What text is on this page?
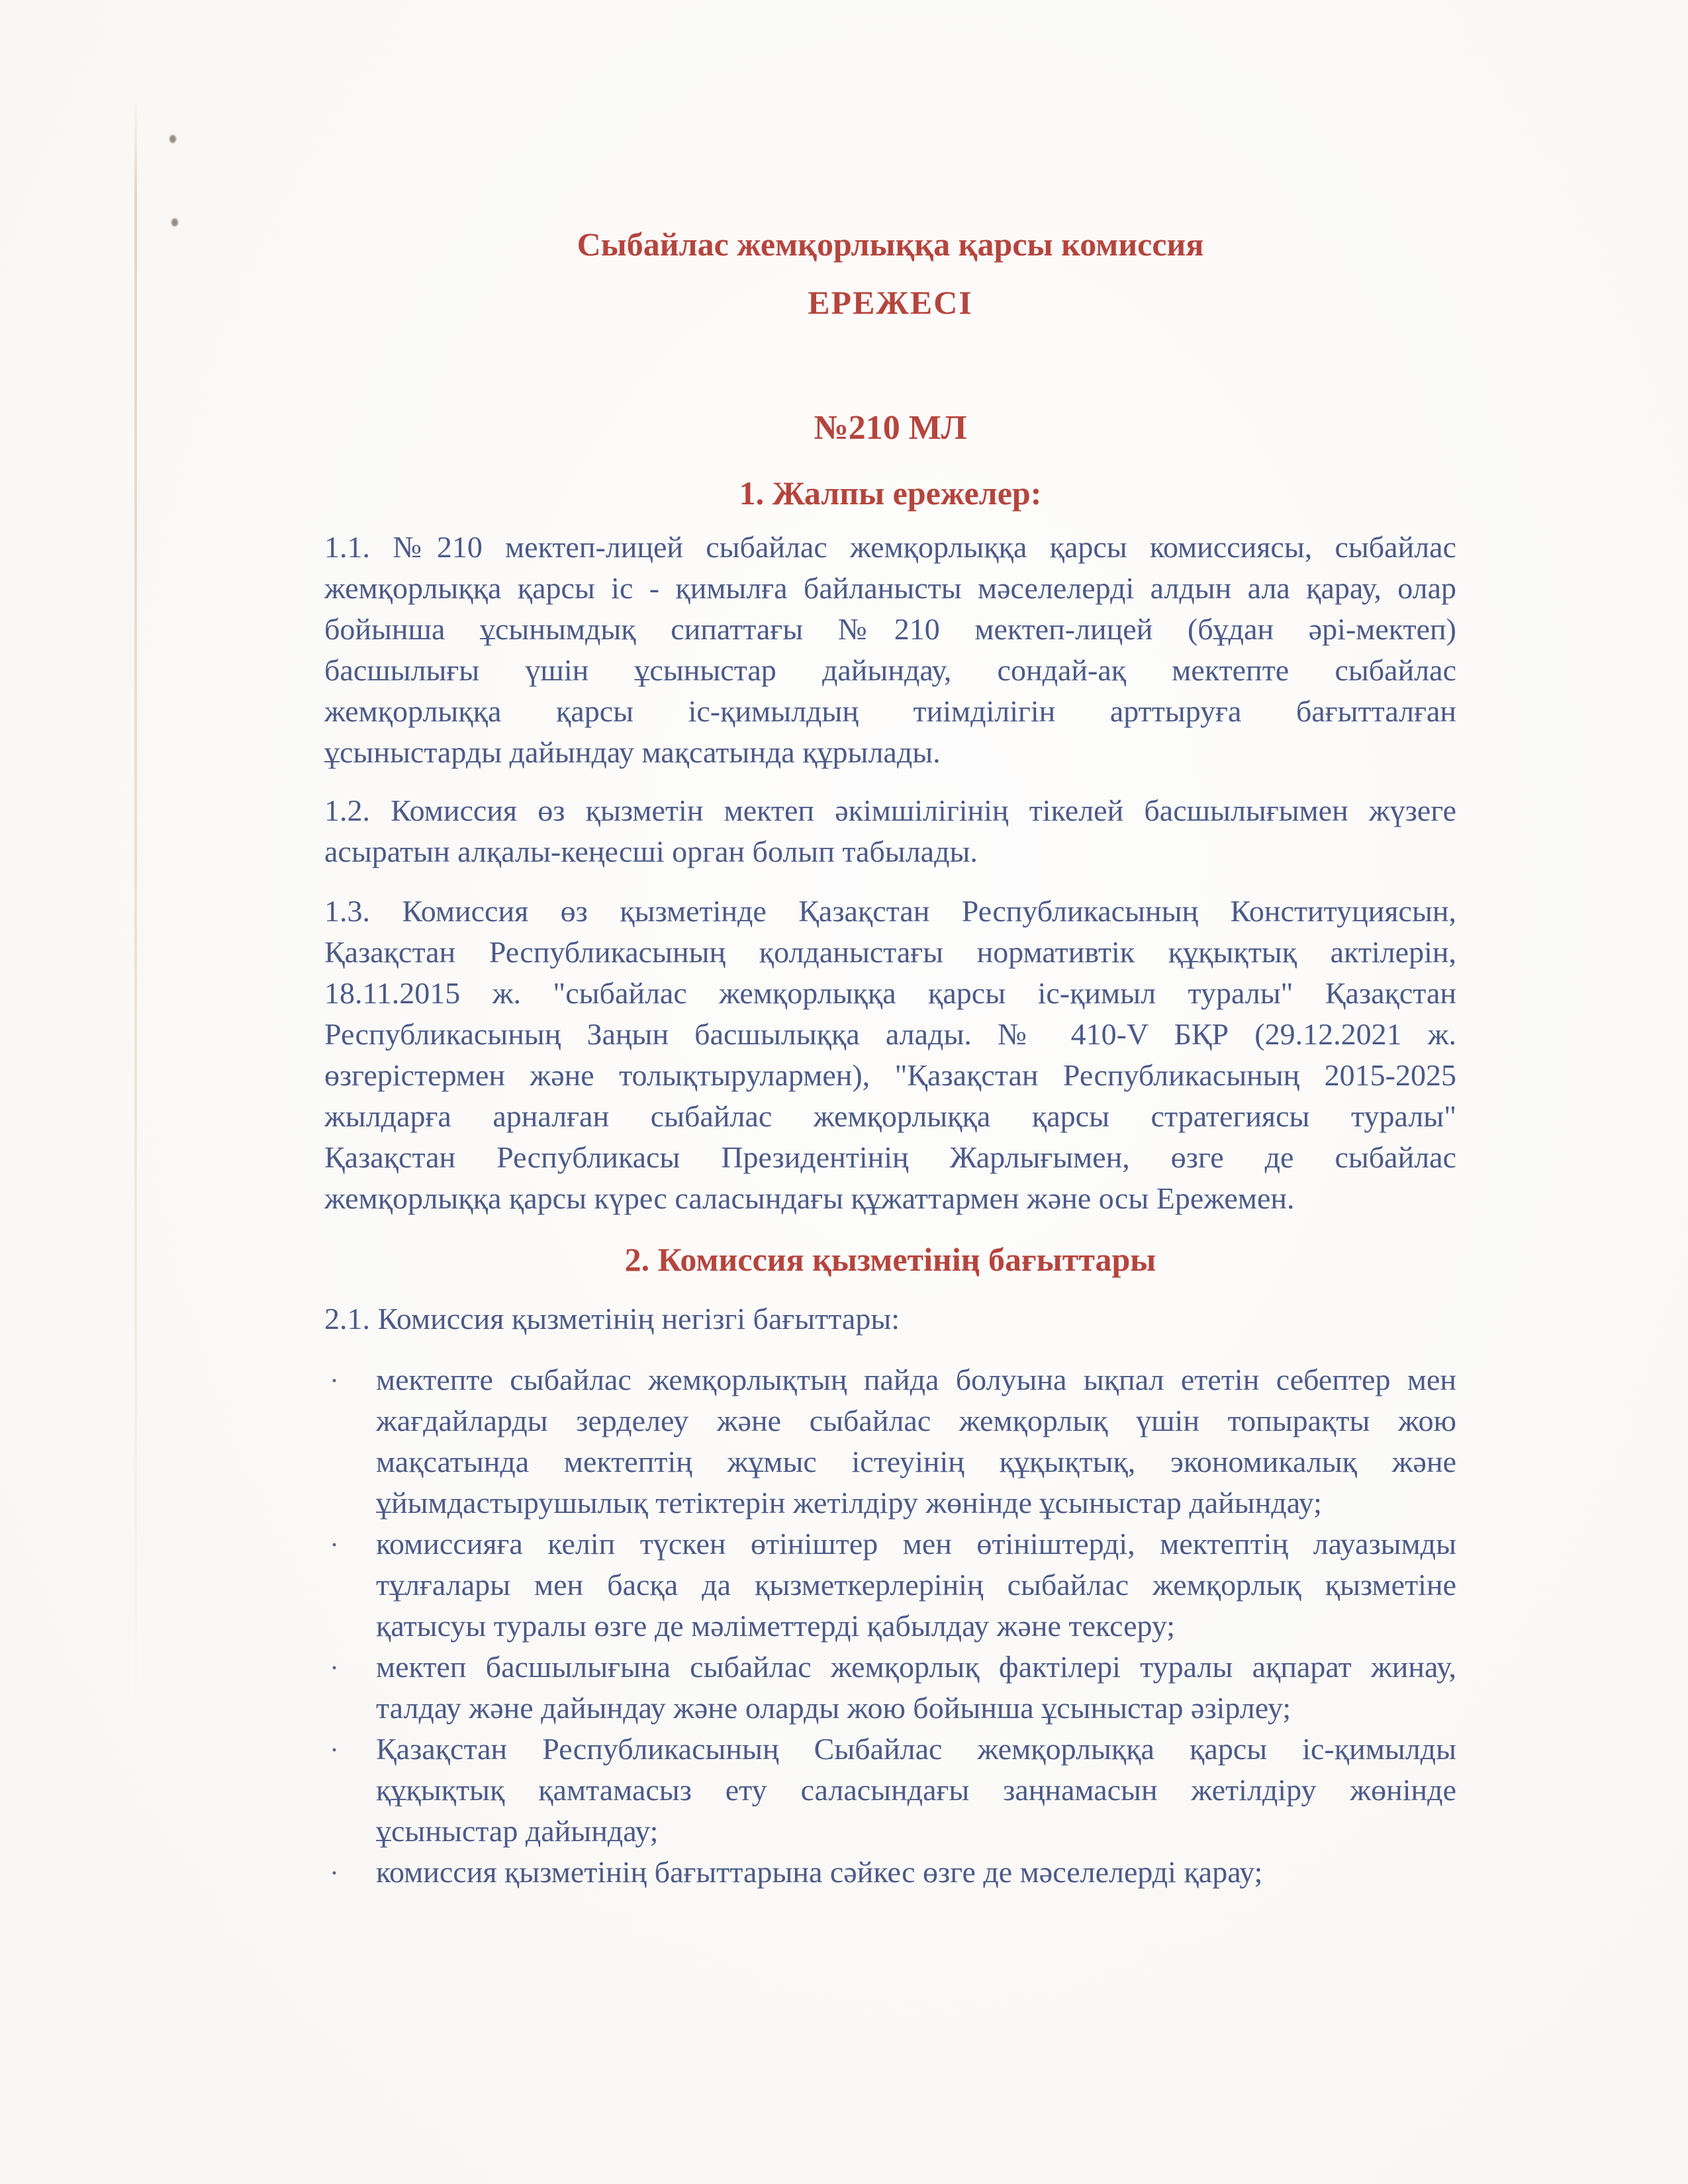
Сыбайлас жемқорлыққа қарсы комиссия
ЕРЕЖЕСІ
№210 МЛ
1. Жалпы ережелер:
1.1. №210 мектеп-лицей сыбайлас жемқорлыққа қарсы комиссиясы, сыбайлас
жемқорлыққа қарсы іс - қимылға байланысты мәселелерді алдын ала қарау, олар
бойынша ұсынымдық сипаттағы №210 мектеп-лицей (бұдан әрі-мектеп)
басшылығы үшін ұсыныстар дайындау, сондай-ақ мектепте сыбайлас
жемқорлыққа қарсы іс-қимылдың тиімділігін арттыруға бағытталған
ұсыныстарды дайындау мақсатында құрылады.
1.2. Комиссия өз қызметін мектеп әкімшілігінің тікелей басшылығымен жүзеге
асыратын алқалы-кеңесші орган болып табылады.
1.3. Комиссия өз қызметінде Қазақстан Республикасының Конституциясын,
Қазақстан Республикасының қолданыстағы нормативтік құқықтық актілерін,
18.11.2015 ж. "сыбайлас жемқорлыққа қарсы іс-қимыл туралы" Қазақстан
Республикасының Заңын басшылыққа алады. № 410-V БҚР (29.12.2021 ж.
өзгерістермен және толықтырулармен), "Қазақстан Республикасының 2015-2025
жылдарға арналған сыбайлас жемқорлыққа қарсы стратегиясы туралы"
Қазақстан Республикасы Президентінің Жарлығымен, өзге де сыбайлас
жемқорлыққа қарсы күрес саласындағы құжаттармен және осы Ережемен.
2. Комиссия қызметінің бағыттары
2.1. Комиссия қызметінің негізгі бағыттары:
· мектепте сыбайлас жемқорлықтың пайда болуына ықпал ететін себептер мен
жағдайларды зерделеу және сыбайлас жемқорлық үшін топырақты жою
мақсатында мектептің жұмыс істеуінің құқықтық, экономикалық және
ұйымдастырушылық тетіктерін жетілдіру жөнінде ұсыныстар дайындау;
· комиссияға келіп түскен өтініштер мен өтініштерді, мектептің лауазымды
тұлғалары мен басқа да қызметкерлерінің сыбайлас жемқорлық қызметіне
қатысуы туралы өзге де мәліметтерді қабылдау және тексеру;
· мектеп басшылығына сыбайлас жемқорлық фактілері туралы ақпарат жинау,
талдау және дайындау және оларды жою бойынша ұсыныстар әзірлеу;
· Қазақстан Республикасының Сыбайлас жемқорлыққа қарсы іс-қимылды
құқықтық қамтамасыз ету саласындағы заңнамасын жетілдіру жөнінде
ұсыныстар дайындау;
· комиссия қызметінің бағыттарына сәйкес өзге де мәселелерді қарау;
